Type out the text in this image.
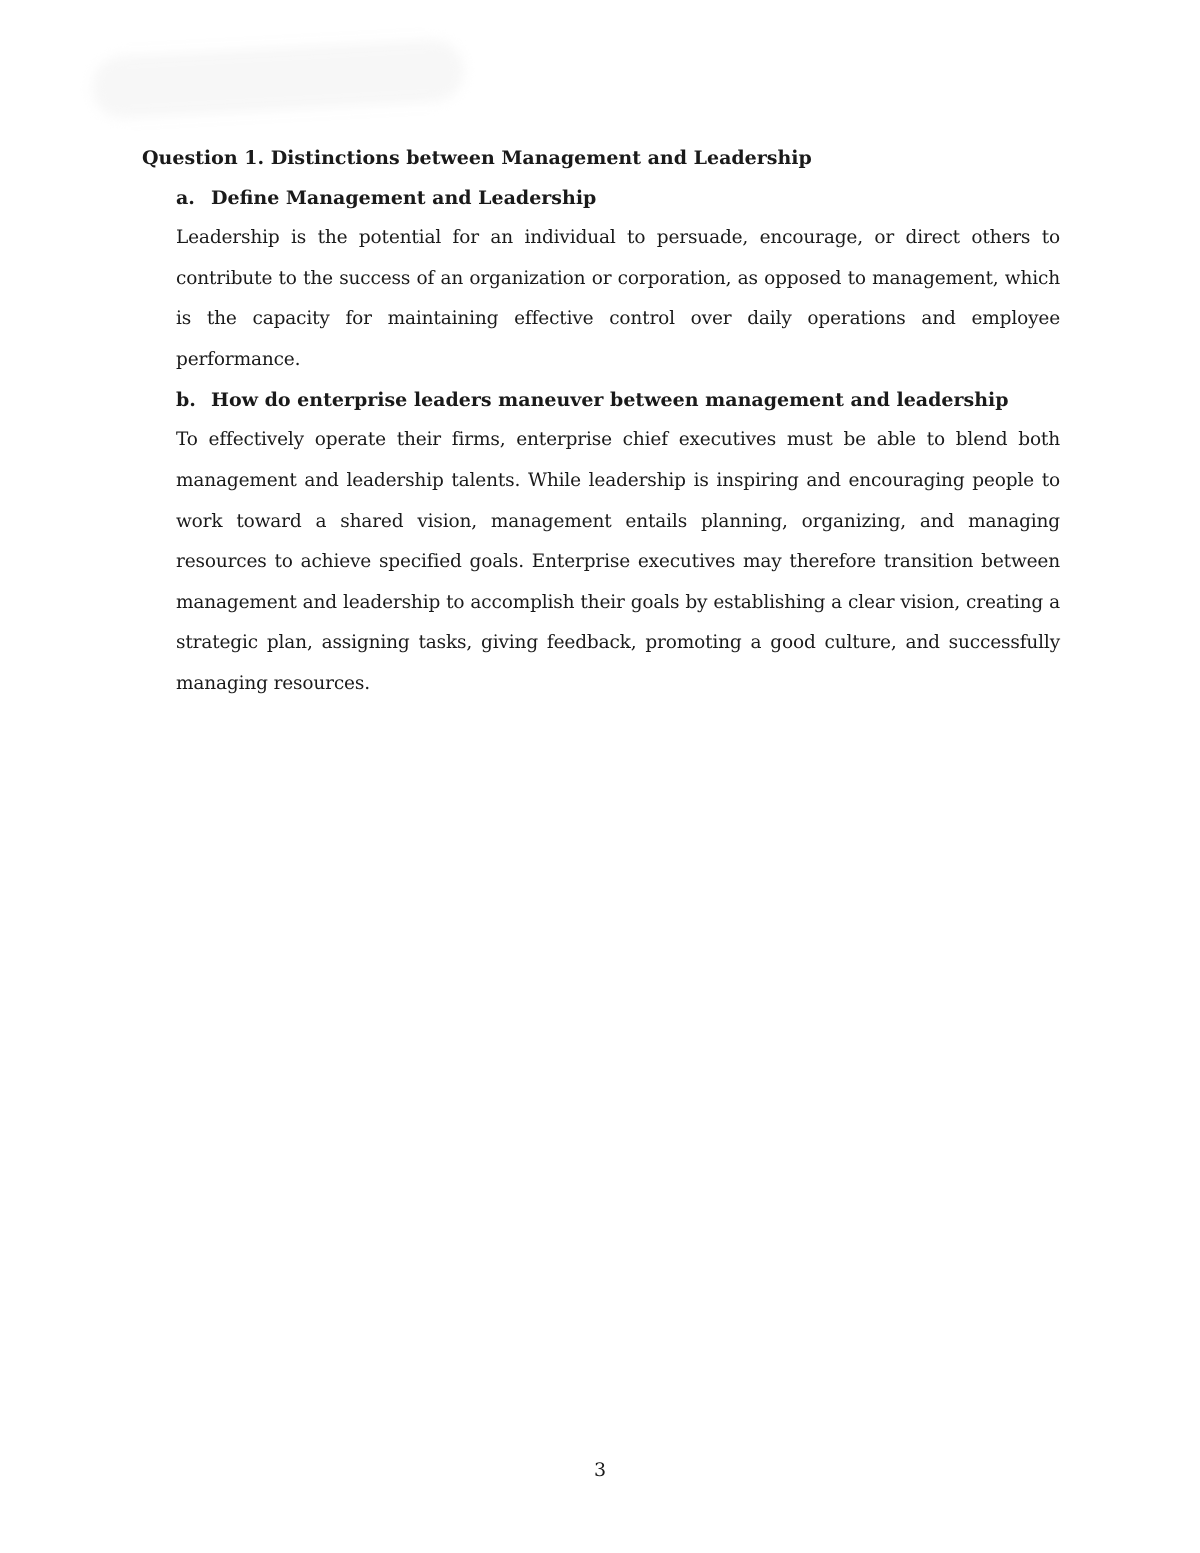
Question 1. Distinctions between Management and Leadership

a. Define Management and Leadership

Leadership is the potential for an individual to persuade, encourage, or direct others to contribute to the success of an organization or corporation, as opposed to management, which is the capacity for maintaining effective control over daily operations and employee performance.

b. How do enterprise leaders maneuver between management and leadership

To effectively operate their firms, enterprise chief executives must be able to blend both management and leadership talents. While leadership is inspiring and encouraging people to work toward a shared vision, management entails planning, organizing, and managing resources to achieve specified goals. Enterprise executives may therefore transition between management and leadership to accomplish their goals by establishing a clear vision, creating a strategic plan, assigning tasks, giving feedback, promoting a good culture, and successfully managing resources.

3
